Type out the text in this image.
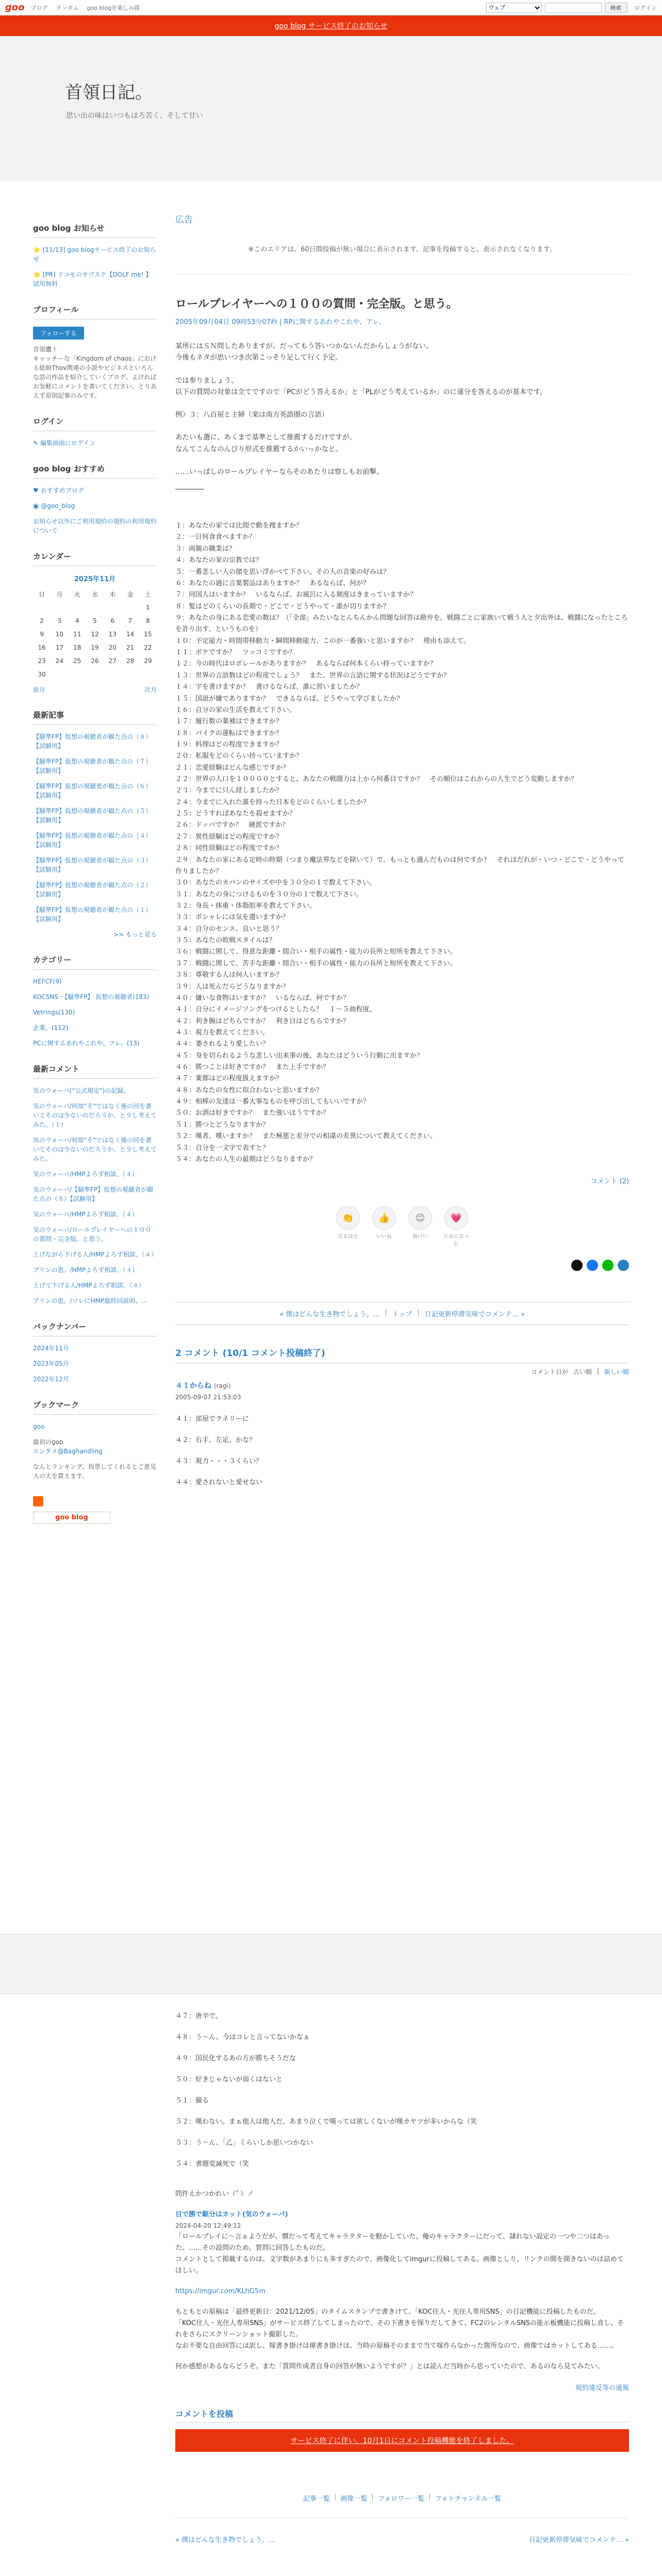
goo ブログ ランダム goo blogを楽しみ隊
ウェブ	検索	ログイン
goo blog サービス終了のお知らせ
首領日記。
思い出の味はいつもほろ苦く、そして甘い
goo blog お知らせ
⭐ [11/13] goo blogサービス終了のお知らせ
⭐ [PR] ドコモのサブスク【DOLF me! 】試用無料
プロフィール
フォローする
首領鷹ト
キャッチーな「Kingdom of chaos」における総帥Thov関連の小説やビジネスといろんな話の作品を紹介していくブログ。よければお気軽にコメントを書いてください。とりあえず原則記事のみです。
ログイン
✎ 編集画面にログイン
goo blog おすすめ
♥ おすすめブログ
▣ @goo_blog
お知らせ以外にご利用規約の規約の利用規約について
カレンダー
2025年11月
日	月	火	水	木	金	土
						1
2	3	4	5	6	7	8
9	10	11	12	13	14	15
16	17	18	19	20	21	22
23	24	25	26	27	28	29
30						
前月	次月
最新記事
【騒準FP】仮想の視聴者が観た点の（８）【試験用】
【騒準FP】仮想の視聴者が観た点の（７）【試験用】
【騒準FP】仮想の視聴者が観た点の（６）【試験用】
【騒準FP】仮想の視聴者が観た点の（５）【試験用】
【騒準FP】仮想の視聴者が観た点の（４）【試験用】
【騒準FP】仮想の視聴者が観た点の（３）【試験用】
【騒準FP】仮想の視聴者が観た点の（２）【試験用】
【騒準FP】仮想の視聴者が観た点の（１）【試験用】
>> もっと見る
カテゴリー
HEFCF(9)
KOCSNS・【騒準FP】 仮想の視聴者(183)
Vetrings(130)
企業、(112)
PCに関するあれやこれや、アレ。(13)
最新コメント
気のウォーパ("公式規定")の記録。
気のウォーパ/何故"そ"ではなく後の回を書いてそのは少ないのだろうか、と少し考えてみた。（１）
気のウォーパ/何故"そ"ではなく後の回を書いてそのは少ないのだろうか、と少し考えてみた。
気のウォーパ/HMPよろず相談、（４）
気のウォーパ/【騒準FP】仮想の視聴者が観た点の（８）【試験用】
気のウォーパ/HMPよろず相談、（４）
気のウォーパ/ロールプレイヤーへの１００の質問・完全版。と思う。
上げながら下げる人/HMPよろず相談、（４）
プリンの恵。/HMPよろず相談、（４）
上げて下げる人/HMPよろず相談、（４）
プリンの恵。/ソレにHMP最終回説明、…
バックナンバー
2024年11月
2023年05月
2022年12月
ブックマーク
goo
最初のgoo
エンタメ@Baghandling
なんとランキング、投票してくれるとご意見人の大を貰えます。

goo blog
広告
※このエリアは、60日間投稿が無い場合に表示されます。記事を投稿すると、表示されなくなります。
ロールプレイヤーへの１００の質問・完全版。と思う。
2005年09月04日 09時53分07秒 | RPに関するあれやこれや、アレ。

某所にはＳＮ問したありますが、だってもう答いつかないんだからしょうがない。
今後もネタが思いつき次第こっそり足して行く予定。

では参りましょう。
以下の質問の対象は全てですので「PCがどう答えるか」と「PLがどう考えているか」のに違分を答えるのが基本です。

例）３：八百屋と主婦（楽は南方英語圏の言語）

あたいも選に、あくまで基準として推薦するだけですが。
なんてこんなのんびり形式を推薦するかいっかなと。

……いっぱしのロールプレイヤーならそのあたりは察しもお前擊。

１：あなたの家では比間で動を捜ますか？
２：一日何食食べますか？
３：両親の職業は？
４：あなたの家の宗教では？
５：一番悲しい人の顔を思い浮かべて下さい。その人の音楽の好みは？
６：あなたの過に言葉製品はありますか？　あるならば、何が？
７：同国人はいますか？　いるならば、お風呂に入る頻度はきまっていますか？
８：髪はどのくらいの長期で・どこで・どうやって・誰が切りますか？
９：あなたの身にある恋愛の数は？（「全部」みたいなとんちんかん問題な回答は勘弁を。戦闘ごとに家族いて戦う人と夕出外は、戦闘になったところを許り出す、というものを）
１０：予定能力・時間帯移動力・瞬間移動能力、このが一番強いと思いますか？　理由も添えて。
１１：ボケですか？　ツッコミですか？
１２：今の時代はロボレールがありますか？　あるならば何本くらい持っていますか？
１３：世界の言語数はどの程度でしょう？　また、世界の言語に関する状況はどうですか？
１４：字を書けますか？　書けるならば、誰に習いましたか？
１５：国語が嫌でありますか？　できるならば、どうやって学びましたか？
１６：自分の家の生活を教えて下さい。
１７：履行数の薬補はできますか？
１８：パイクの運転はできますか？
１９：料理はどの程度できますか？
２０：私服をどのくらい持っていますか？
２１：恋愛経験はどんな感じですか？
２２：世界の人口を１００００とすると、あなたの戦闘力は上から何番目ですか？　その順位はこれからの人生でどう変動しますか？
２３：今までに只ん経しましたか？
２４：今までに入れた誰を持った日本をどのくらいしましたか？
２５：どうすればあなたを殺せますか？
２６：ドッパですか？　硬派ですか？
２７：異性経験はどの程度ですか？
２８：同性経験はどの程度ですか？
２９：あなたの家にある定時の時期（つまり魔法界などを除いて）で、もっとも適んだものは何ですか？　それはだれが・いつ・どこで・どうやって作りましたか？
３０：あなたのカバンのサイズや中を３０分の１で数えて下さい。
３１：あなたの身につけるものを３０分の１で数えて下さい。
３２：身長・体重・体脂肪率を教えて下さい。
３３：ポシャレには気を遣いますか？
３４：自分のセンス、良いと思う？
３５：あなたの敗戦スタイルは？
３６：戦闘に関して、得意な距離・間合い・相手の属性・能力の長所と短所を教えて下さい。
３７：戦闘に関して、苦手な距離・間合い・相手の属性・能力の長所と短所を教えて下さい。
３８：尊敬する人は何人いますか？
３９：人は死んだらどうなりますか？
４０：嫌いな食物はいますか？　いるならば、何ですか？
４１：自分にイメージソングをつけるとしたら？　１～５曲程度。
４２：利き腕はどちらですか？　利き目はどちらですか？
４３：視力を教えてください。
４４：萎されるより愛したい？
４５：身を切られるような悲しい出来事の後、あなたはどういう行動に出ますか？
４６：勝つことは好きですか？　また上手ですか？
４７：薬都はどの程度扱えますか？
４８：あなたの女性に似合わないと思いますか？
４９：相棒の友達は一番大事なものを呼び出してもいいですか？
５０：お酒は好きですか？　また強いほうですか？
５１：勝つとどうなりますか？
５２：嘆者、嘆いますか？　また極悪と差分での相違の差異について教えてください。
５３：自分を一文字で表すと？
５４：あなたの人生の最期はどうなりますか？
コメント (2)
👏
なるほど
👍
いいね
😊
面白い
💗
ためになった
« 僕はどんな生き物でしょう。… | トップ | 日記更新停滞気味でコメンテ… »
2 コメント (10/1 コメント投稿終了)
コメント日が 古い順 | 新しい順
４１からね (ragi)
2005-09-07 21:53:03
４１：部屋でクネリーに
４２：右手、左足、かな？
４３：視力・・・３くらい？
４４：愛されないと愛せない
４７：唐辛で。
４８：う～ん、今はコレと言ってないかなぁ
４９：国民化するあの方が勝ちそうだな
５０：好きじゃないが弱くはないと
５１：猫る
５２：嘆わない。まぁ他人は他人だ。あまり泣くで嘆っては欲しくないが嘆カヤツが多いからな（笑
５３：う～ん、「乙」くらいしか思いつかない
５４：書題変滅死で（笑

問件えかつかれい（'ﾟ）ノ

目で勝で駆分はカット(気のウォーパ)
2024-04-20 12:49:12

「ロールプレイに～言ぁようだが、慣だって考えてキャラクターを動かしていた。俺のキャラクターにだって、隷れない設定の一つや二つはあった。……その設問のため、質問に回答したものだ。
コメントとして掲載するのは、文字数があまりにも多すぎたので、画像化してimgurに投稿してある。画像としり、リンクの開を開きないのは詰めてほしい。

https://imgur.com/KLhG5m

もともとの原稿は「最終更新日：2021/12/05」のタイムスタンプで書きけて、「KOC住人・光住人専用SNS」の日記機能に投稿したものだ。
「KOC住人・光住人専用SNS」がサービス終了してしまったので、その下書きを探りだしてきて、FC2のレンタルSNSの能示板機能に投稿し直し、それをさらにスクリーンショット撮影した。
なお不要な自由回答には訳し、嫁書き掛けは偉書き掛けは、当時の原稿そのままで当て嫁作らなかった箇所なので、画像ではカットしてある……。

何か感想があるならどうぞ。また「質問作成者自身の回答が無いようですが？」とは読んだ当時から思っていたので、あるのなら見てみたい。

規約違反等の通報
コメントを投稿
サービス終了に伴い、10月1日にコメント投稿機能を終了しました。
記事一覧 | 画像一覧 | フォロワー一覧 | フォトチャンネル一覧
« 僕はどんな生き物でしょう。…	日記更新停滞気味でコメンテ… »
